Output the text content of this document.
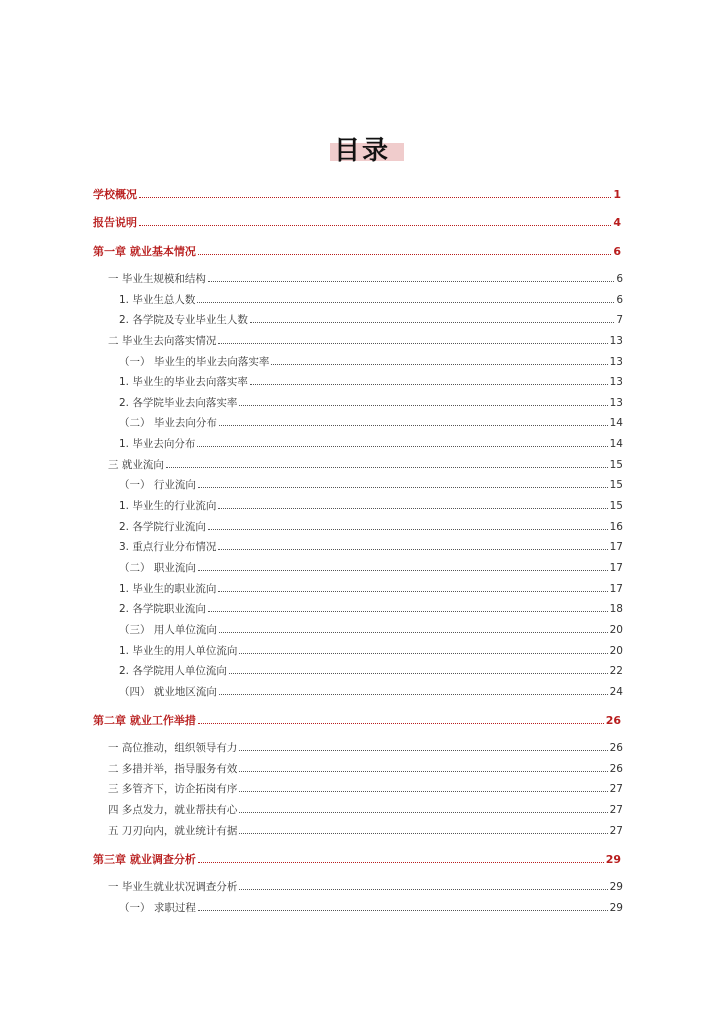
目录
学校概况	1
报告说明	4
第一章 就业基本情况	6
一 毕业生规模和结构	6
1. 毕业生总人数	6
2. 各学院及专业毕业生人数	7
二 毕业生去向落实情况	13
（一） 毕业生的毕业去向落实率	13
1. 毕业生的毕业去向落实率	13
2. 各学院毕业去向落实率	13
（二） 毕业去向分布	14
1. 毕业去向分布	14
三 就业流向	15
（一） 行业流向	15
1. 毕业生的行业流向	15
2. 各学院行业流向	16
3. 重点行业分布情况	17
（二） 职业流向	17
1. 毕业生的职业流向	17
2. 各学院职业流向	18
（三） 用人单位流向	20
1. 毕业生的用人单位流向	20
2. 各学院用人单位流向	22
（四） 就业地区流向	24
第二章 就业工作举措	26
一 高位推动，组织领导有力	26
二 多措并举，指导服务有效	26
三 多管齐下，访企拓岗有序	27
四 多点发力，就业帮扶有心	27
五 刀刃向内，就业统计有据	27
第三章 就业调查分析	29
一 毕业生就业状况调查分析	29
（一） 求职过程	29
